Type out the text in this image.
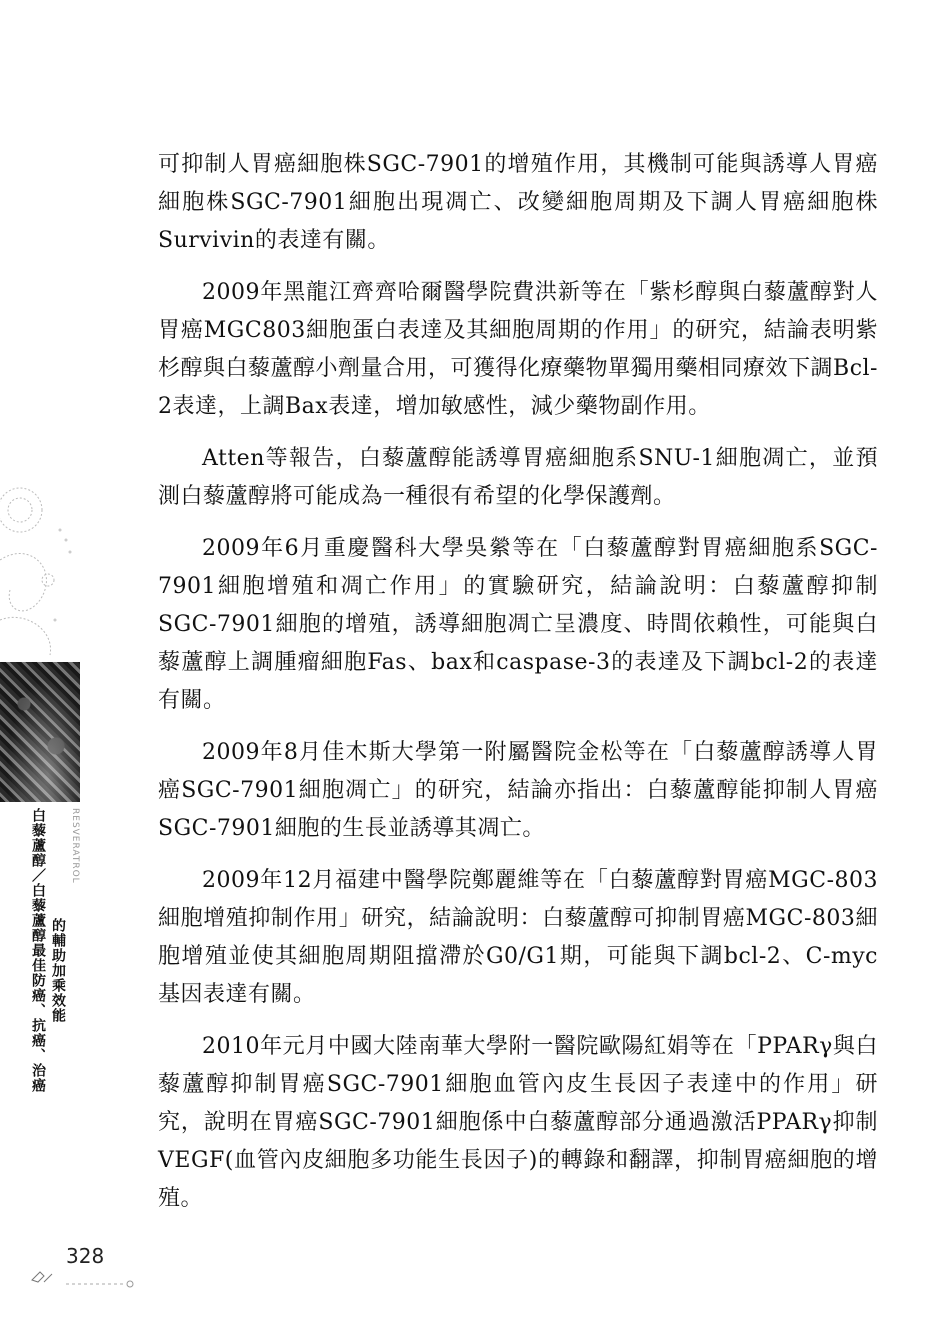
白藜蘆醇／白藜蘆醇最佳防癌、抗癌、治癌 的輔助加乘效能
RESVERATROL

可抑制人胃癌細胞株SGC-7901的增殖作用，其機制可能與誘導人胃癌細胞株SGC-7901細胞出現凋亡、改變細胞周期及下調人胃癌細胞株Survivin的表達有關。

2009年黑龍江齊齊哈爾醫學院費洪新等在「紫杉醇與白藜蘆醇對人胃癌MGC803細胞蛋白表達及其細胞周期的作用」的研究，結論表明紫杉醇與白藜蘆醇小劑量合用，可獲得化療藥物單獨用藥相同療效下調Bcl-2表達，上調Bax表達，增加敏感性，減少藥物副作用。

Atten等報告，白藜蘆醇能誘導胃癌細胞系SNU-1細胞凋亡，並預測白藜蘆醇將可能成為一種很有希望的化學保護劑。

2009年6月重慶醫科大學吳縈等在「白藜蘆醇對胃癌細胞系SGC-7901細胞增殖和凋亡作用」的實驗研究，結論說明：白藜蘆醇抑制SGC-7901細胞的增殖，誘導細胞凋亡呈濃度、時間依賴性，可能與白藜蘆醇上調腫瘤細胞Fas、bax和caspase-3的表達及下調bcl-2的表達有關。

2009年8月佳木斯大學第一附屬醫院金松等在「白藜蘆醇誘導人胃癌SGC-7901細胞凋亡」的研究，結論亦指出：白藜蘆醇能抑制人胃癌SGC-7901細胞的生長並誘導其凋亡。

2009年12月福建中醫學院鄭麗維等在「白藜蘆醇對胃癌MGC-803細胞增殖抑制作用」研究，結論說明：白藜蘆醇可抑制胃癌MGC-803細胞增殖並使其細胞周期阻擋滯於G0/G1期，可能與下調bcl-2、C-myc基因表達有關。

2010年元月中國大陸南華大學附一醫院歐陽紅娟等在「PPARγ與白藜蘆醇抑制胃癌SGC-7901細胞血管內皮生長因子表達中的作用」研究，說明在胃癌SGC-7901細胞係中白藜蘆醇部分通過激活PPARγ抑制VEGF(血管內皮細胞多功能生長因子)的轉錄和翻譯，抑制胃癌細胞的增殖。

328
